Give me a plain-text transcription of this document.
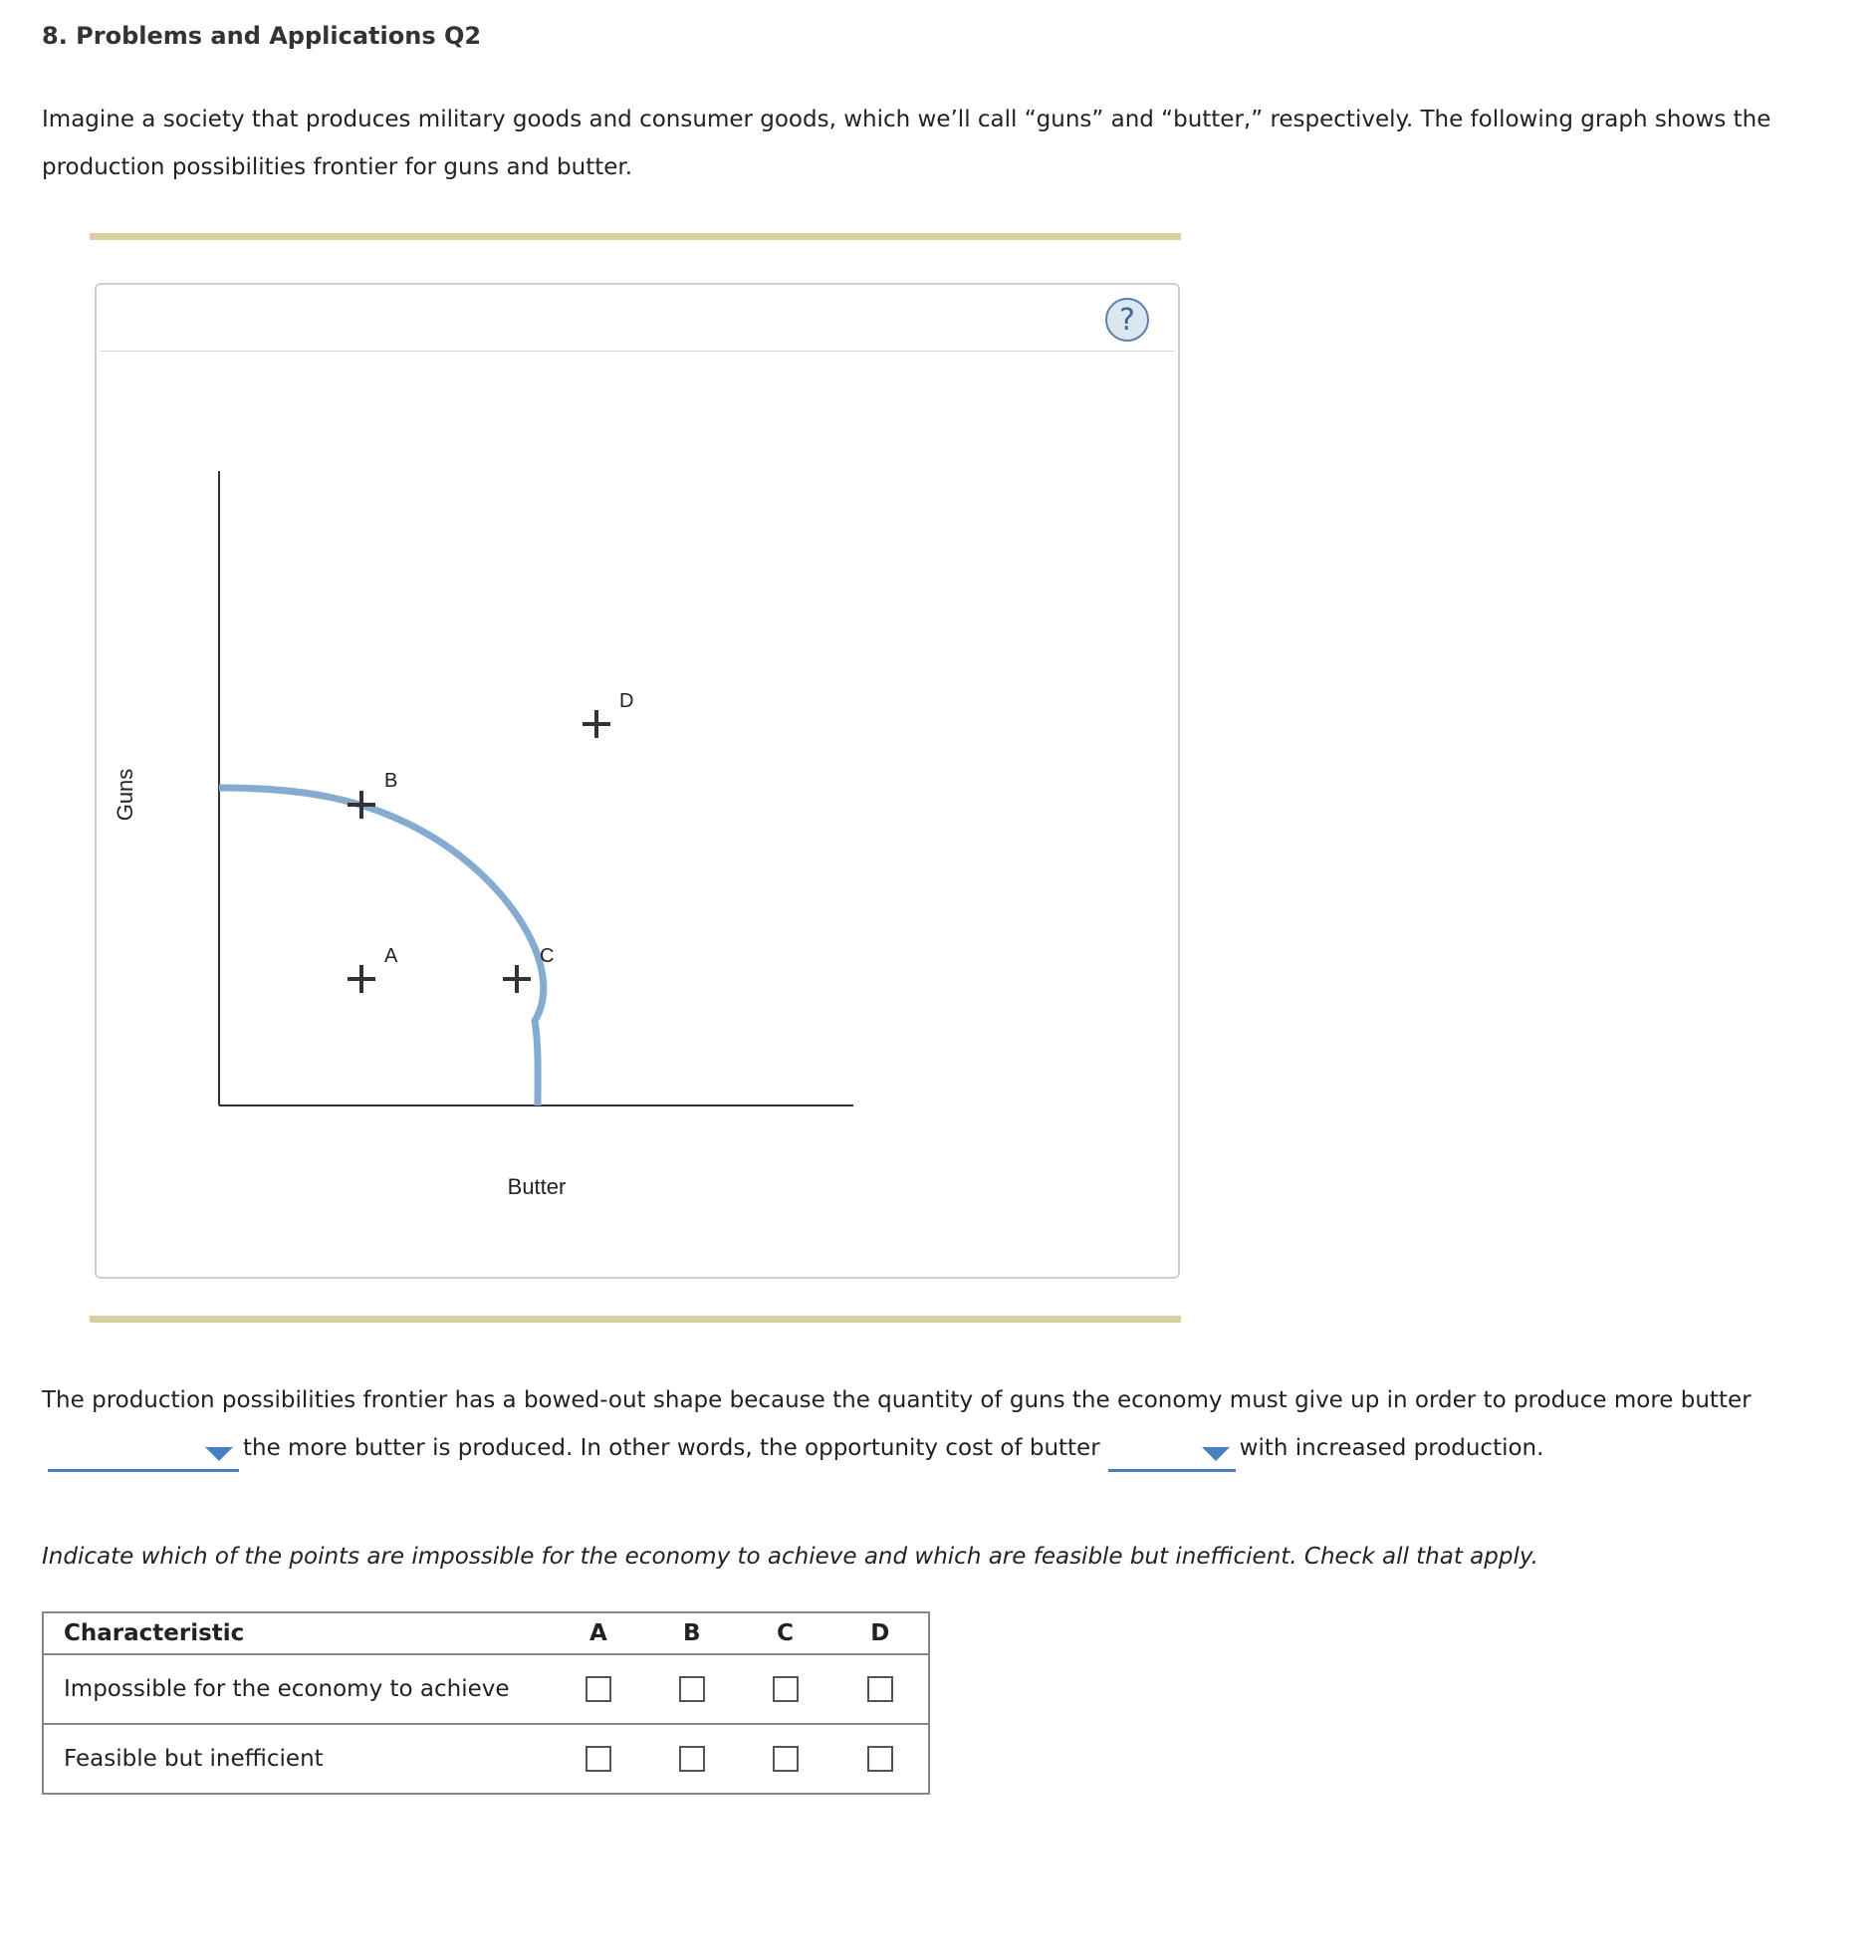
8. Problems and Applications Q2

Imagine a society that produces military goods and consumer goods, which we’ll call “guns” and “butter,” respectively. The following graph shows the production possibilities frontier for guns and butter.

?
Guns
Butter
A
B
C
D

The production possibilities frontier has a bowed-out shape because the quantity of guns the economy must give up in order to produce more butter

the more butter is produced. In other words, the opportunity cost of butter	with increased production.

Indicate which of the points are impossible for the economy to achieve and which are feasible but inefficient. Check all that apply.

Characteristic	A	B	C	D
Impossible for the economy to achieve				
Feasible but inefficient				
